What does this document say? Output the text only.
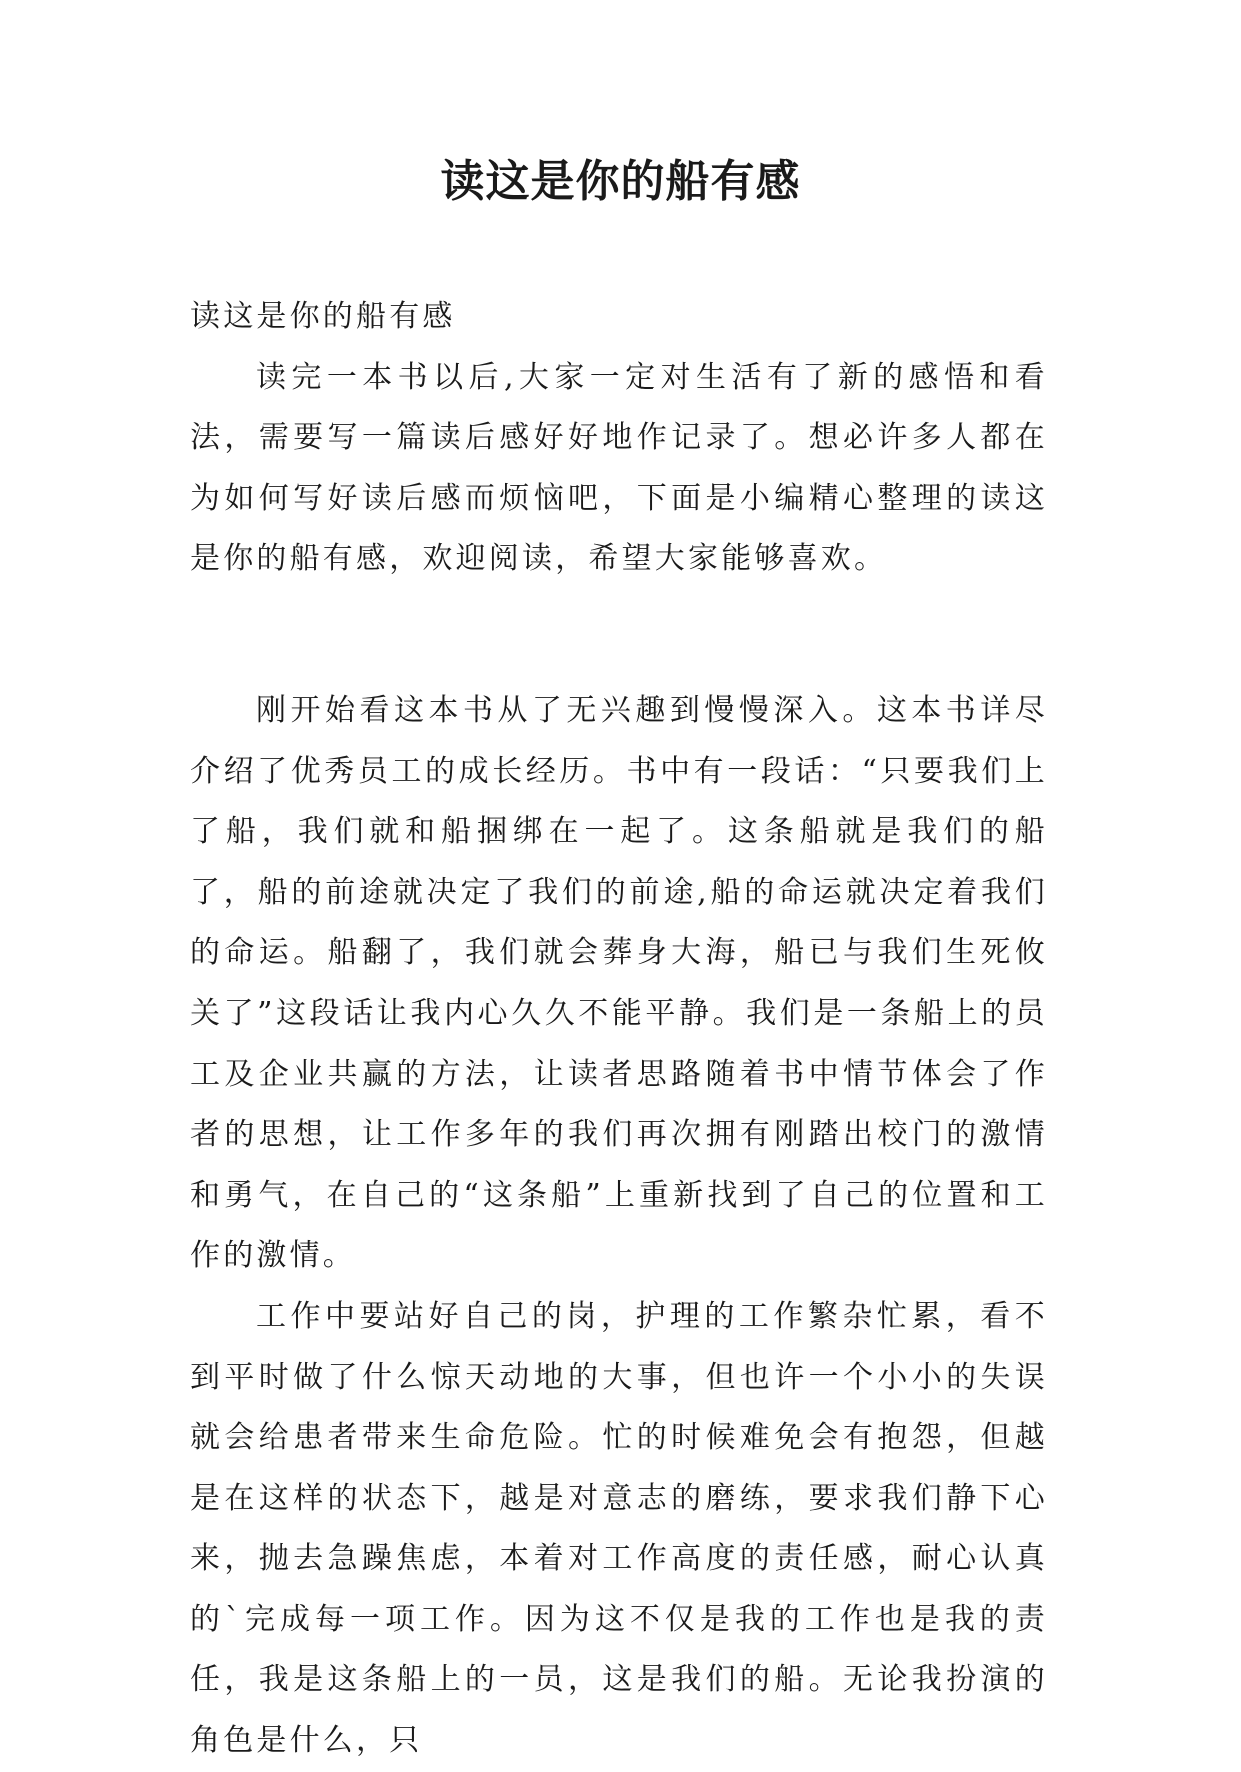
读这是你的船有感

读这是你的船有感

读完一本书以后,大家一定对生活有了新的感悟和看法，需要写一篇读后感好好地作记录了。想必许多人都在为如何写好读后感而烦恼吧，下面是小编精心整理的读这是你的船有感，欢迎阅读，希望大家能够喜欢。

刚开始看这本书从了无兴趣到慢慢深入。这本书详尽介绍了优秀员工的成长经历。书中有一段话：“只要我们上了船，我们就和船捆绑在一起了。这条船就是我们的船了，船的前途就决定了我们的前途,船的命运就决定着我们的命运。船翻了，我们就会葬身大海，船已与我们生死攸关了”这段话让我内心久久不能平静。我们是一条船上的员工及企业共赢的方法，让读者思路随着书中情节体会了作者的思想，让工作多年的我们再次拥有刚踏出校门的激情和勇气，在自己的“这条船”上重新找到了自己的位置和工作的激情。

工作中要站好自己的岗，护理的工作繁杂忙累，看不到平时做了什么惊天动地的大事，但也许一个小小的失误就会给患者带来生命危险。忙的时候难免会有抱怨，但越是在这样的状态下，越是对意志的磨练，要求我们静下心来，抛去急躁焦虑，本着对工作高度的责任感，耐心认真的`完成每一项工作。因为这不仅是我的工作也是我的责任，我是这条船上的一员，这是我们的船。无论我扮演的角色是什么，只
